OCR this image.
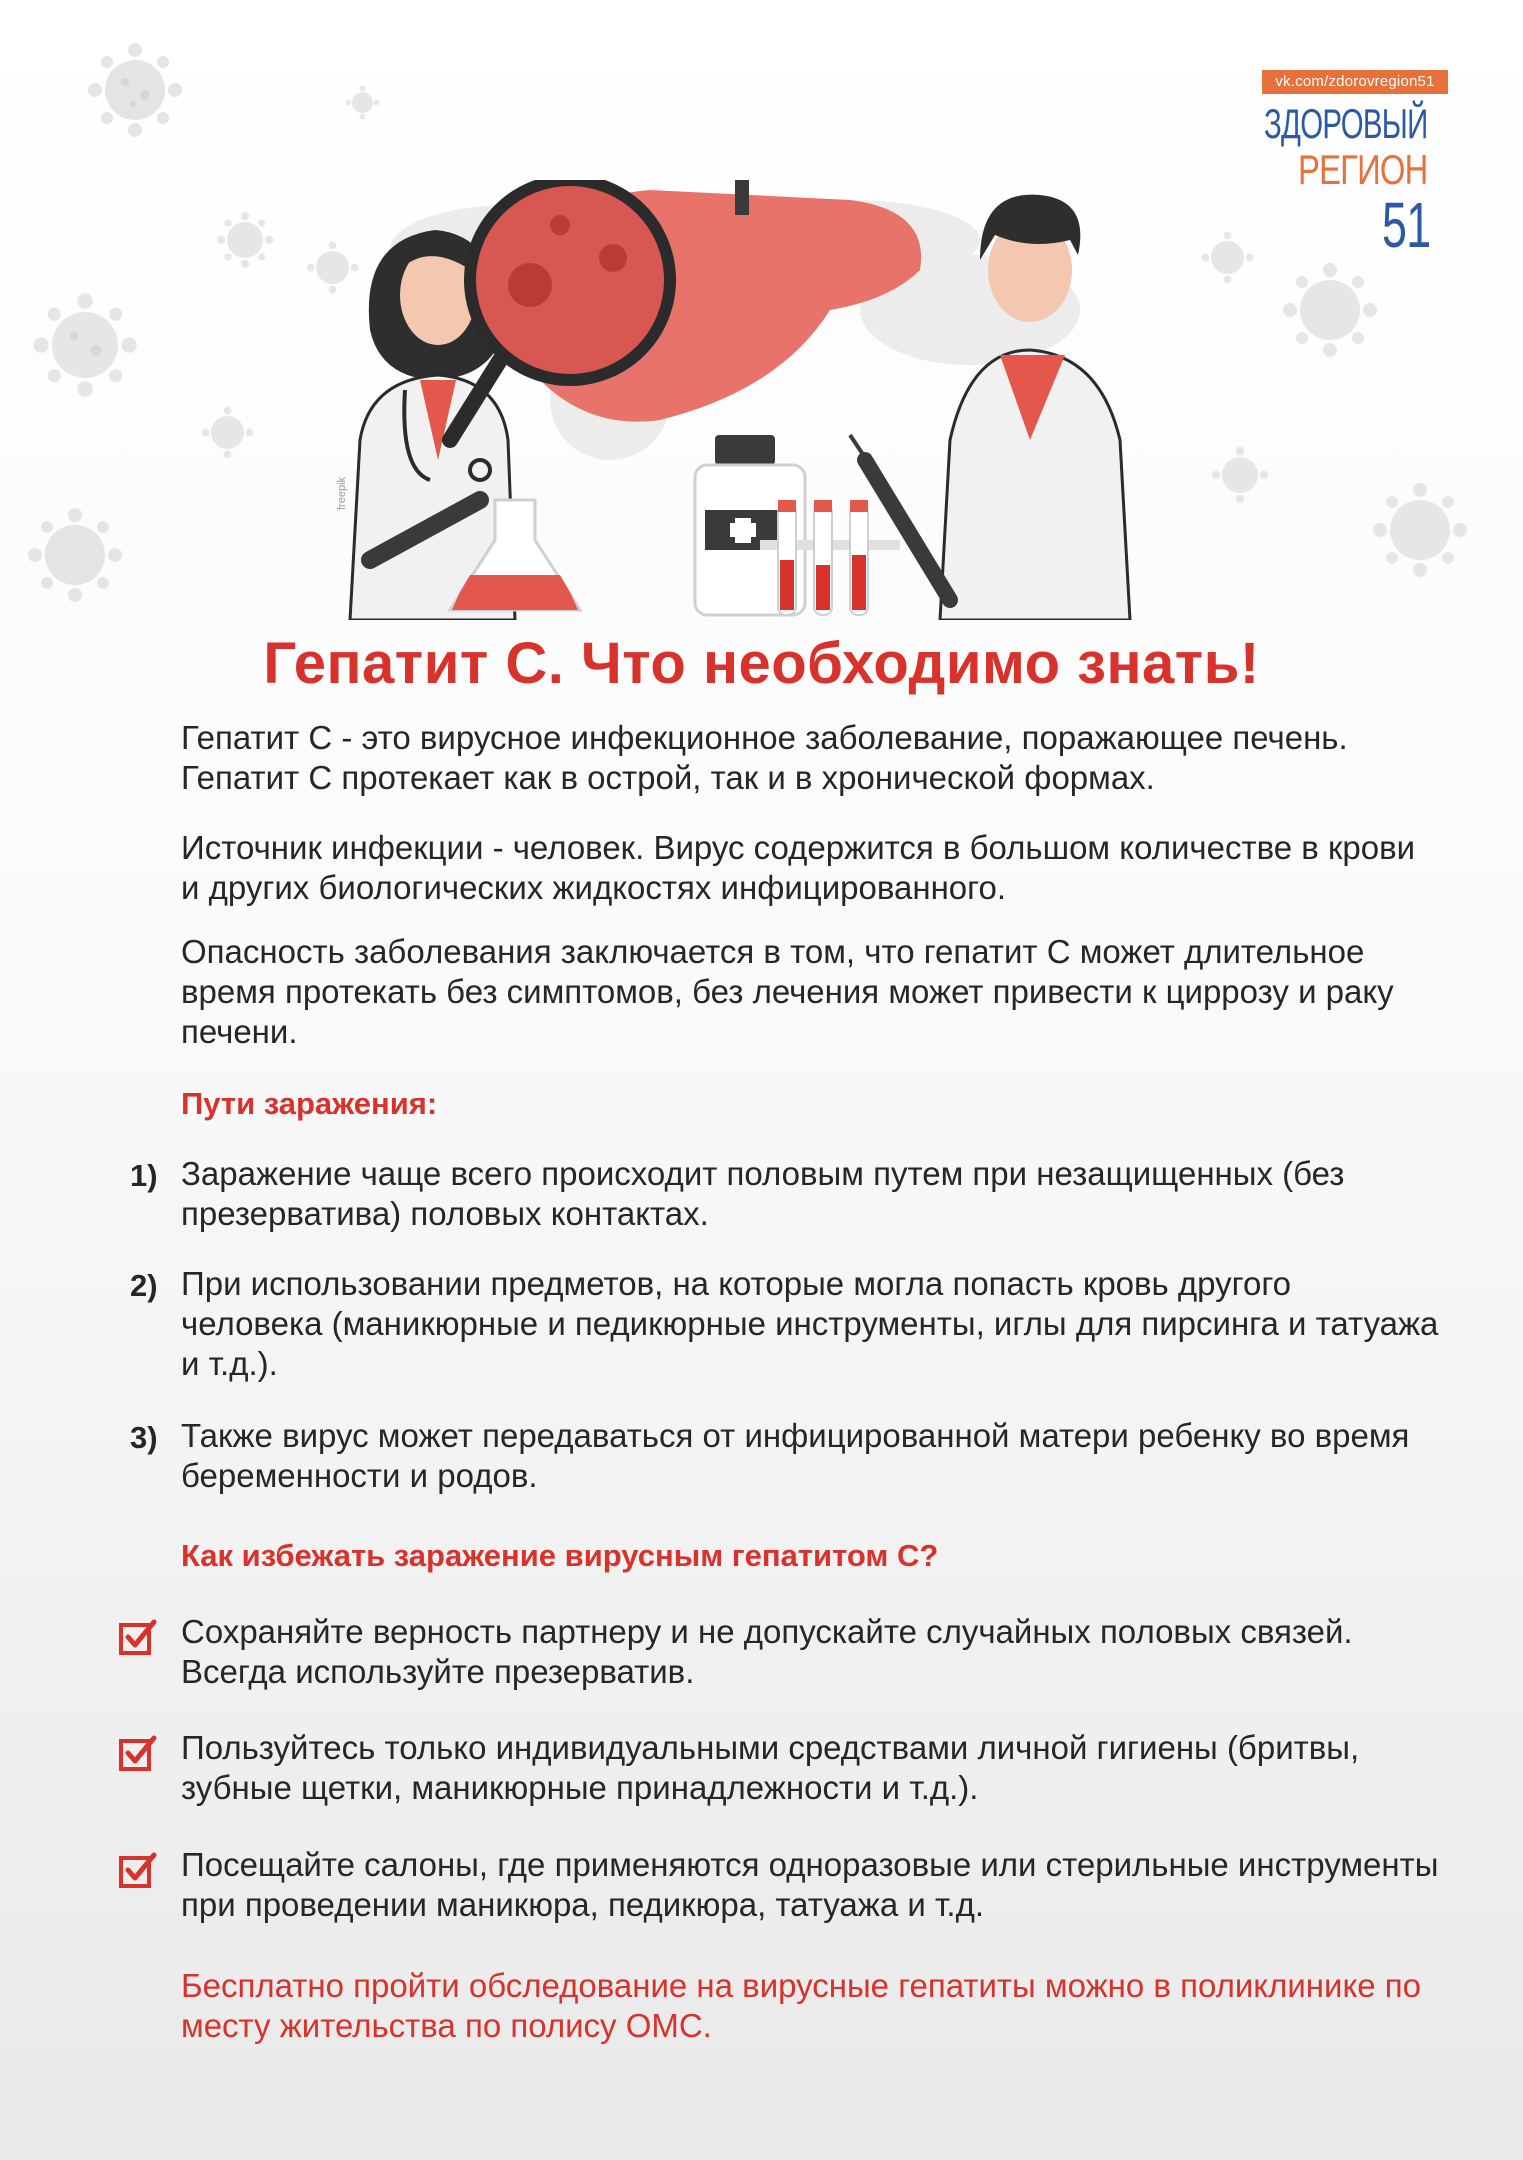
vk.com/zdorovregion51
ЗДОРОВЫЙ
РЕГИОН
51
freepik
Гепатит С. Что необходимо знать!

Гепатит С - это вирусное инфекционное заболевание, поражающее печень. Гепатит С протекает как в острой, так и в хронической формах.

Источник инфекции - человек. Вирус содержится в большом количестве в крови и других биологических жидкостях инфицированного.

Опасность заболевания заключается в том, что гепатит С может длительное время протекать без симптомов, без лечения может привести к циррозу и раку печени.

Пути заражения:
1) Заражение чаще всего происходит половым путем при незащищенных (без презерватива) половых контактах.

2) При использовании предметов, на которые могла попасть кровь другого человека (маникюрные и педикюрные инструменты, иглы для пирсинга и татуажа и т.д.).

3) Также вирус может передаваться от инфицированной матери ребенку во время беременности и родов.

Как избежать заражение вирусным гепатитом С?

Сохраняйте верность партнеру и не допускайте случайных половых связей. Всегда используйте презерватив.

Пользуйтесь только индивидуальными средствами личной гигиены (бритвы, зубные щетки, маникюрные принадлежности и т.д.).

Посещайте салоны, где применяются одноразовые или стерильные инструменты при проведении маникюра, педикюра, татуажа и т.д.

Бесплатно пройти обследование на вирусные гепатиты можно в поликлинике по месту жительства по полису ОМС.
